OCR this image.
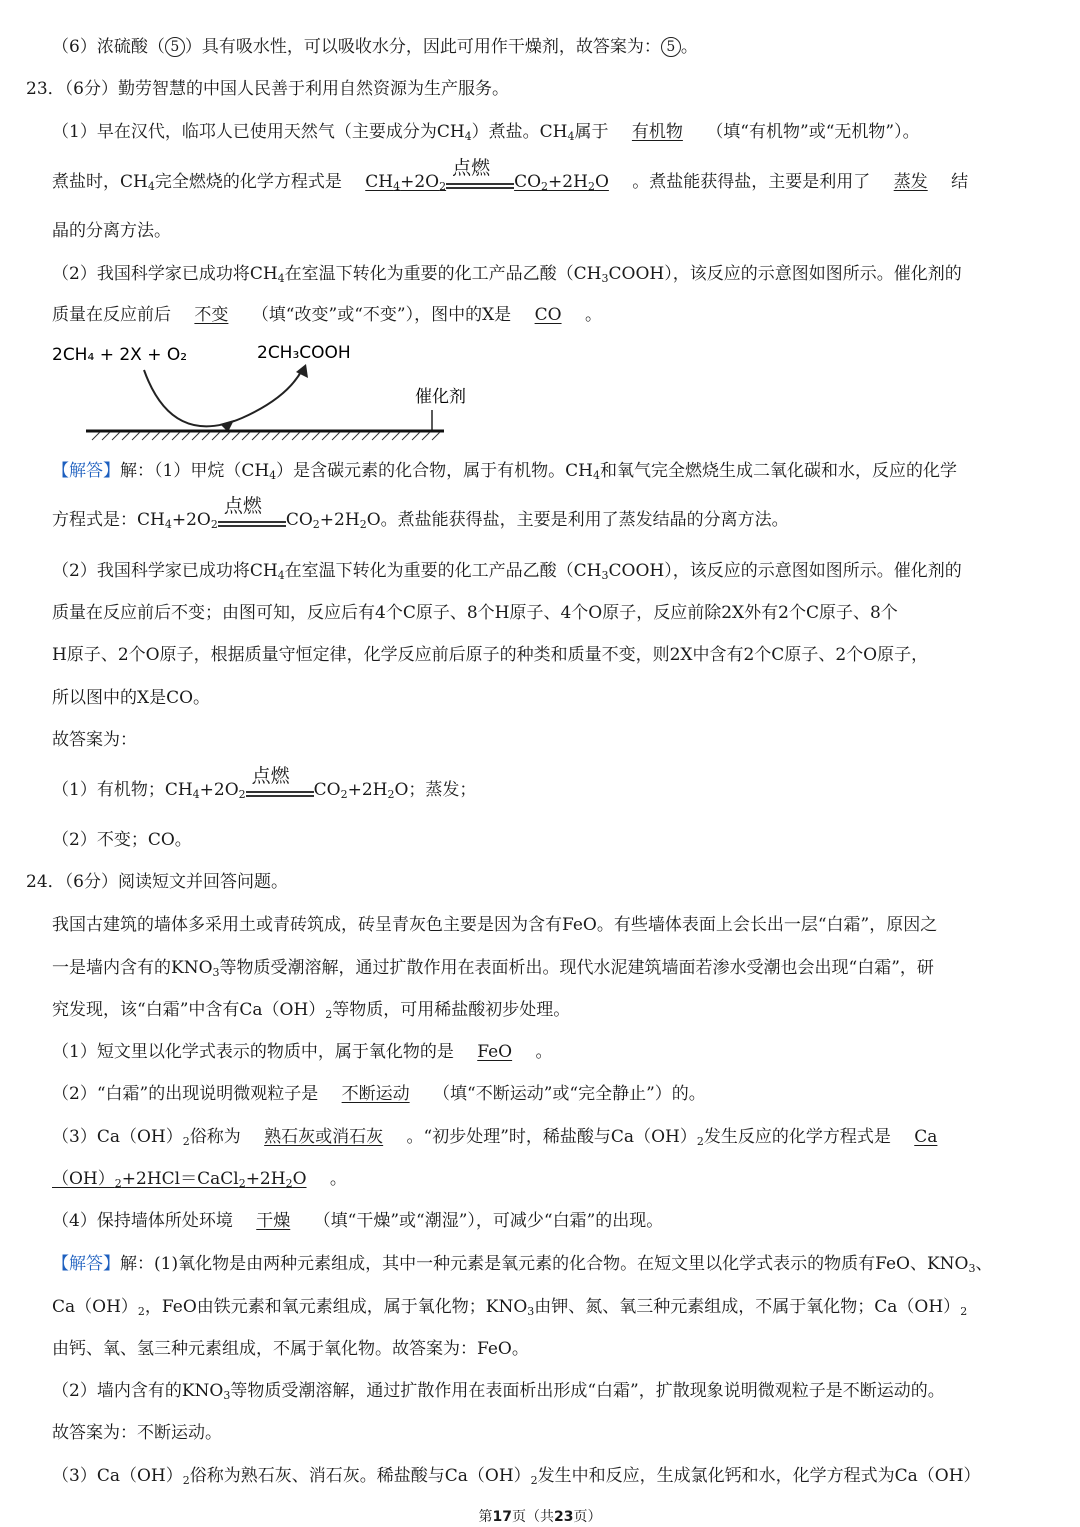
（6）浓硫酸（ 5 ）具有吸水性，可以吸收水分，因此可用作干燥剂，故答案为： 5 。
23．（6分）勤劳智慧的中国人民善于利用自然资源为生产服务。
（1）早在汉代，临邛人已使用天然气（主要成分为$CH_4$）煮盐。$CH_4$属于 有机物 （填“有机物”或“无机物”）。
煮盐时，$CH_4$完全燃烧的化学方程式是 $CH_4+2O_2$
点燃
$CO_2+2H_2O$ 。煮盐能获得盐，主要是利用了 蒸发 结
晶的分离方法。
（2）我国科学家已成功将$CH_4$在室温下转化为重要的化工产品乙酸$(CH_3COOH)$，该反应的示意图如图所示。催化剂的
质量在反应前后 不变 （填“改变”或“不变”），图中的X是 CO 。
2CH₄ + 2X + O₂	2CH₃COOH
催化剂
【解答】解：（1）甲烷$(CH_4)$是含碳元素的化合物，属于有机物。$CH_4$和氧气完全燃烧生成二氧化碳和水，反应的化学
方程式是：$CH_4+2O_2$
点燃
$CO_2+2H_2O$。煮盐能获得盐，主要是利用了蒸发结晶的分离方法。
（2）我国科学家已成功将$CH_4$在室温下转化为重要的化工产品乙酸$(CH_3COOH)$，该反应的示意图如图所示。催化剂的
质量在反应前后不变；由图可知，反应后有4个C原子、8个H原子、4个O原子，反应前除2X外有2个C原子、8个
H原子、2个O原子，根据质量守恒定律，化学反应前后原子的种类和质量不变，则2X中含有2个C原子、2个O原子，
所以图中的X是CO。
故答案为：
（1）有机物；$CH_4+2O_2$
点燃
$CO_2+2H_2O$；蒸发；
（2）不变；CO。
24．（6分）阅读短文并回答问题。
我国古建筑的墙体多采用土或青砖筑成，砖呈青灰色主要是因为含有FeO。有些墙体表面上会长出一层“白霜”，原因之
一是墙内含有的$KNO_3$等物质受潮溶解，通过扩散作用在表面析出。现代水泥建筑墙面若渗水受潮也会出现“白霜”，研
究发现，该“白霜”中含有$Ca(OH)_2$等物质，可用稀盐酸初步处理。
（1）短文里以化学式表示的物质中，属于氧化物的是 FeO 。
（2）“白霜”的出现说明微观粒子是 不断运动 （填“不断运动”或“完全静止”）的。
$(3)Ca(OH)_2$俗称为 熟石灰或消石灰 。“初步处理”时，稀盐酸与$Ca(OH)_2$发生反应的化学方程式是 Ca
$(OH)_2+2HCl=CaCl_2+2H_2O$ 。
（4）保持墙体所处环境 干燥 （填“干燥”或“潮湿”），可减少“白霜”的出现。
【解答】解：(1)氧化物是由两种元素组成，其中一种元素是氧元素的化合物。在短文里以化学式表示的物质有FeO、$KNO_3$、
$Ca(OH)_2$，FeO由铁元素和氧元素组成，属于氧化物；$KNO_3$由钾、氮、氧三种元素组成，不属于氧化物；$Ca(OH)_2$
由钙、氧、氢三种元素组成，不属于氧化物。故答案为：FeO。
（2）墙内含有的$KNO_3$等物质受潮溶解，通过扩散作用在表面析出形成“白霜”，扩散现象说明微观粒子是不断运动的。
故答案为：不断运动。
$(3)Ca(OH)_2$俗称为熟石灰、消石灰。稀盐酸与$Ca(OH)_2$发生中和反应，生成氯化钙和水，化学方程式为Ca（OH）
第17页（共23页）
